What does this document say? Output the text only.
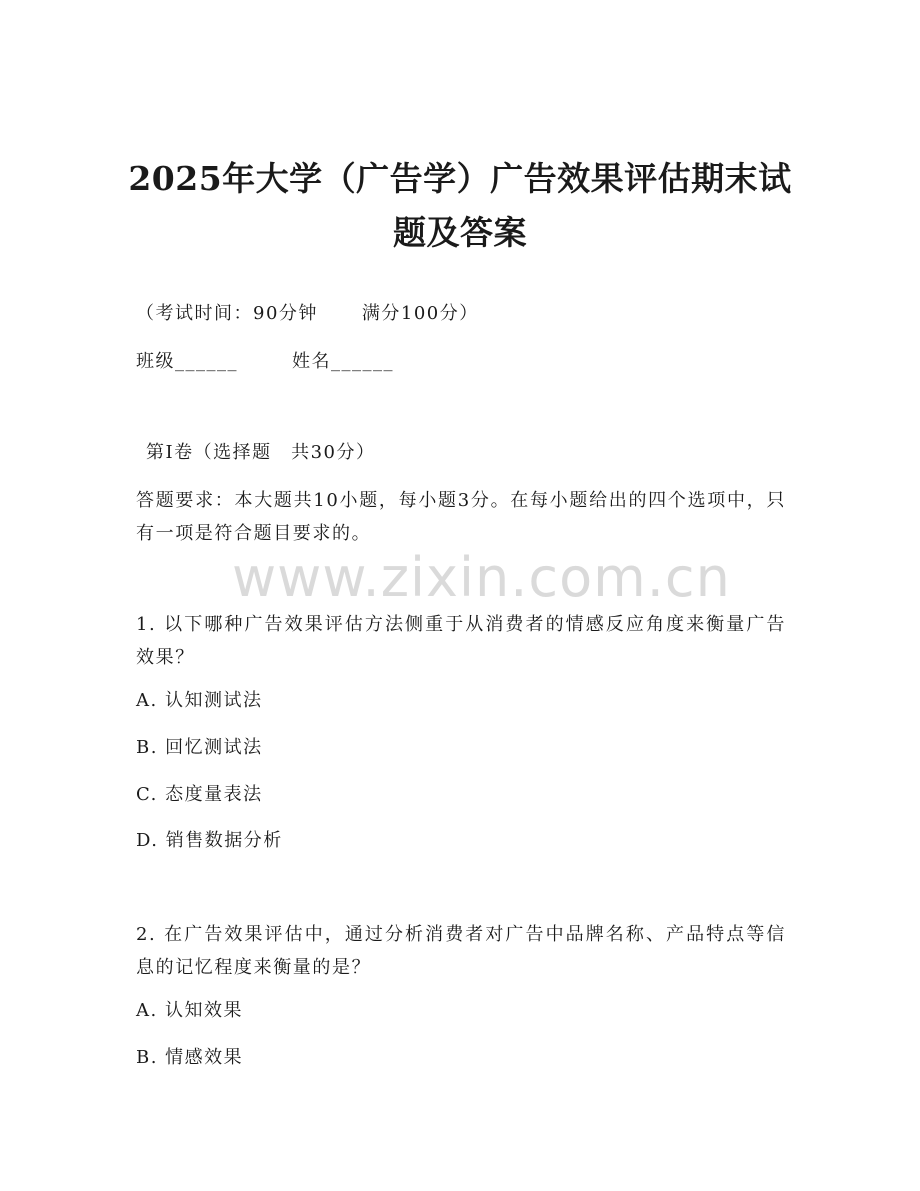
2025年大学（广告学）广告效果评估期末试题及答案
（考试时间：90分钟 满分100分）
班级______	姓名______
第I卷（选择题　共30分）
答题要求：本大题共10小题，每小题3分。在每小题给出的四个选项中，只有一项是符合题目要求的。
www.zixin.com.cn
1. 以下哪种广告效果评估方法侧重于从消费者的情感反应角度来衡量广告效果？
A. 认知测试法
B. 回忆测试法
C. 态度量表法
D. 销售数据分析
2. 在广告效果评估中，通过分析消费者对广告中品牌名称、产品特点等信息的记忆程度来衡量的是？
A. 认知效果
B. 情感效果
